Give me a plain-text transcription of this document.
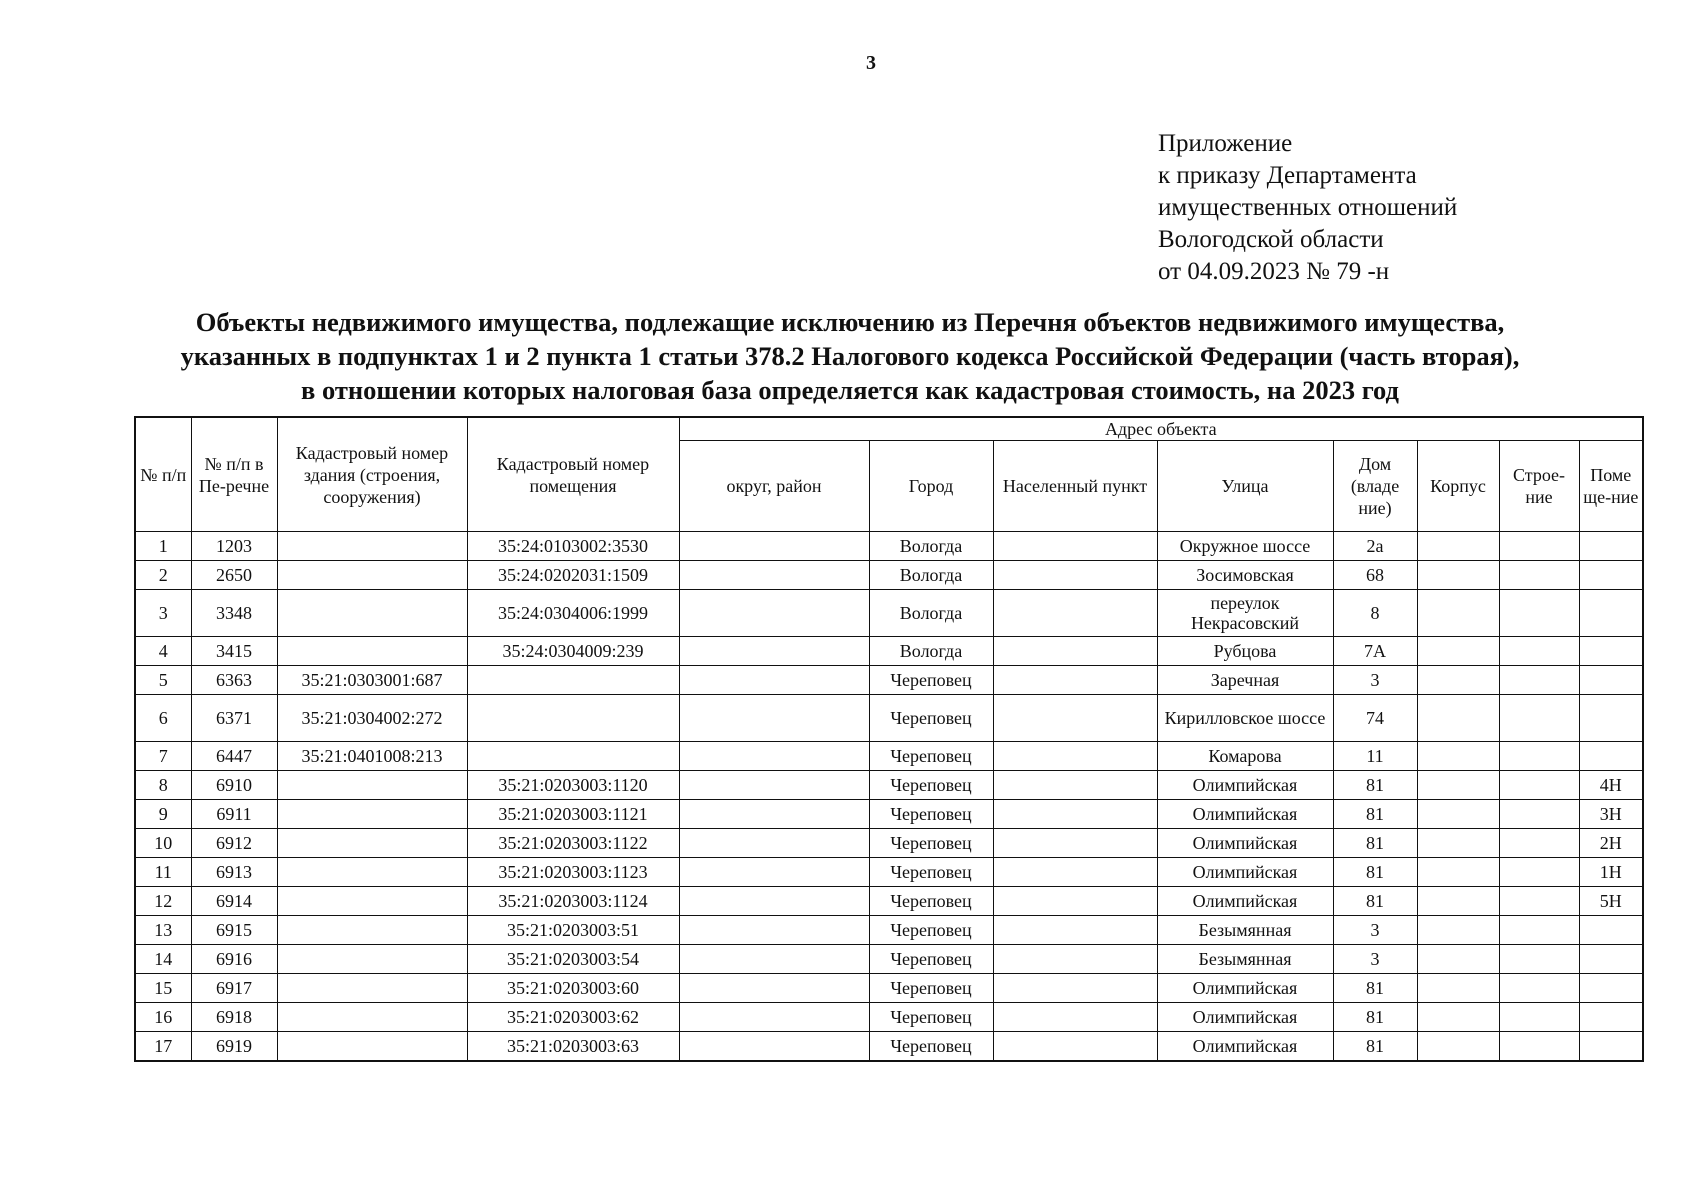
3
Приложение
к приказу Департамента
имущественных отношений
Вологодской области
от 04.09.2023 № 79 -н
Объекты недвижимого имущества, подлежащие исключению из Перечня объектов недвижимого имущества,
указанных в подпунктах 1 и 2 пункта 1 статьи 378.2 Налогового кодекса Российской Федерации (часть вторая),
в отношении которых налоговая база определяется как кадастровая стоимость, на 2023 год
№ п/п	№ п/п в Пе-речне	Кадастровый номер здания (строения, сооружения)	Кадастровый номер помещения	Адрес объекта							
				округ, район	Город	Населенный пункт	Улица	Дом (владе ние)	Корпус	Строе-ние	Поме ще-ние
1	1203		35:24:0103002:3530		Вологда		Окружное шоссе	2а			
2	2650		35:24:0202031:1509		Вологда		Зосимовская	68			
3	3348		35:24:0304006:1999		Вологда		переулок Некрасовский	8			
4	3415		35:24:0304009:239		Вологда		Рубцова	7А			
5	6363	35:21:0303001:687			Череповец		Заречная	3			
6	6371	35:21:0304002:272			Череповец		Кирилловское шоссе	74			
7	6447	35:21:0401008:213			Череповец		Комарова	11			
8	6910		35:21:0203003:1120		Череповец		Олимпийская	81			4Н
9	6911		35:21:0203003:1121		Череповец		Олимпийская	81			3Н
10	6912		35:21:0203003:1122		Череповец		Олимпийская	81			2Н
11	6913		35:21:0203003:1123		Череповец		Олимпийская	81			1Н
12	6914		35:21:0203003:1124		Череповец		Олимпийская	81			5Н
13	6915		35:21:0203003:51		Череповец		Безымянная	3			
14	6916		35:21:0203003:54		Череповец		Безымянная	3			
15	6917		35:21:0203003:60		Череповец		Олимпийская	81			
16	6918		35:21:0203003:62		Череповец		Олимпийская	81			
17	6919		35:21:0203003:63		Череповец		Олимпийская	81			
